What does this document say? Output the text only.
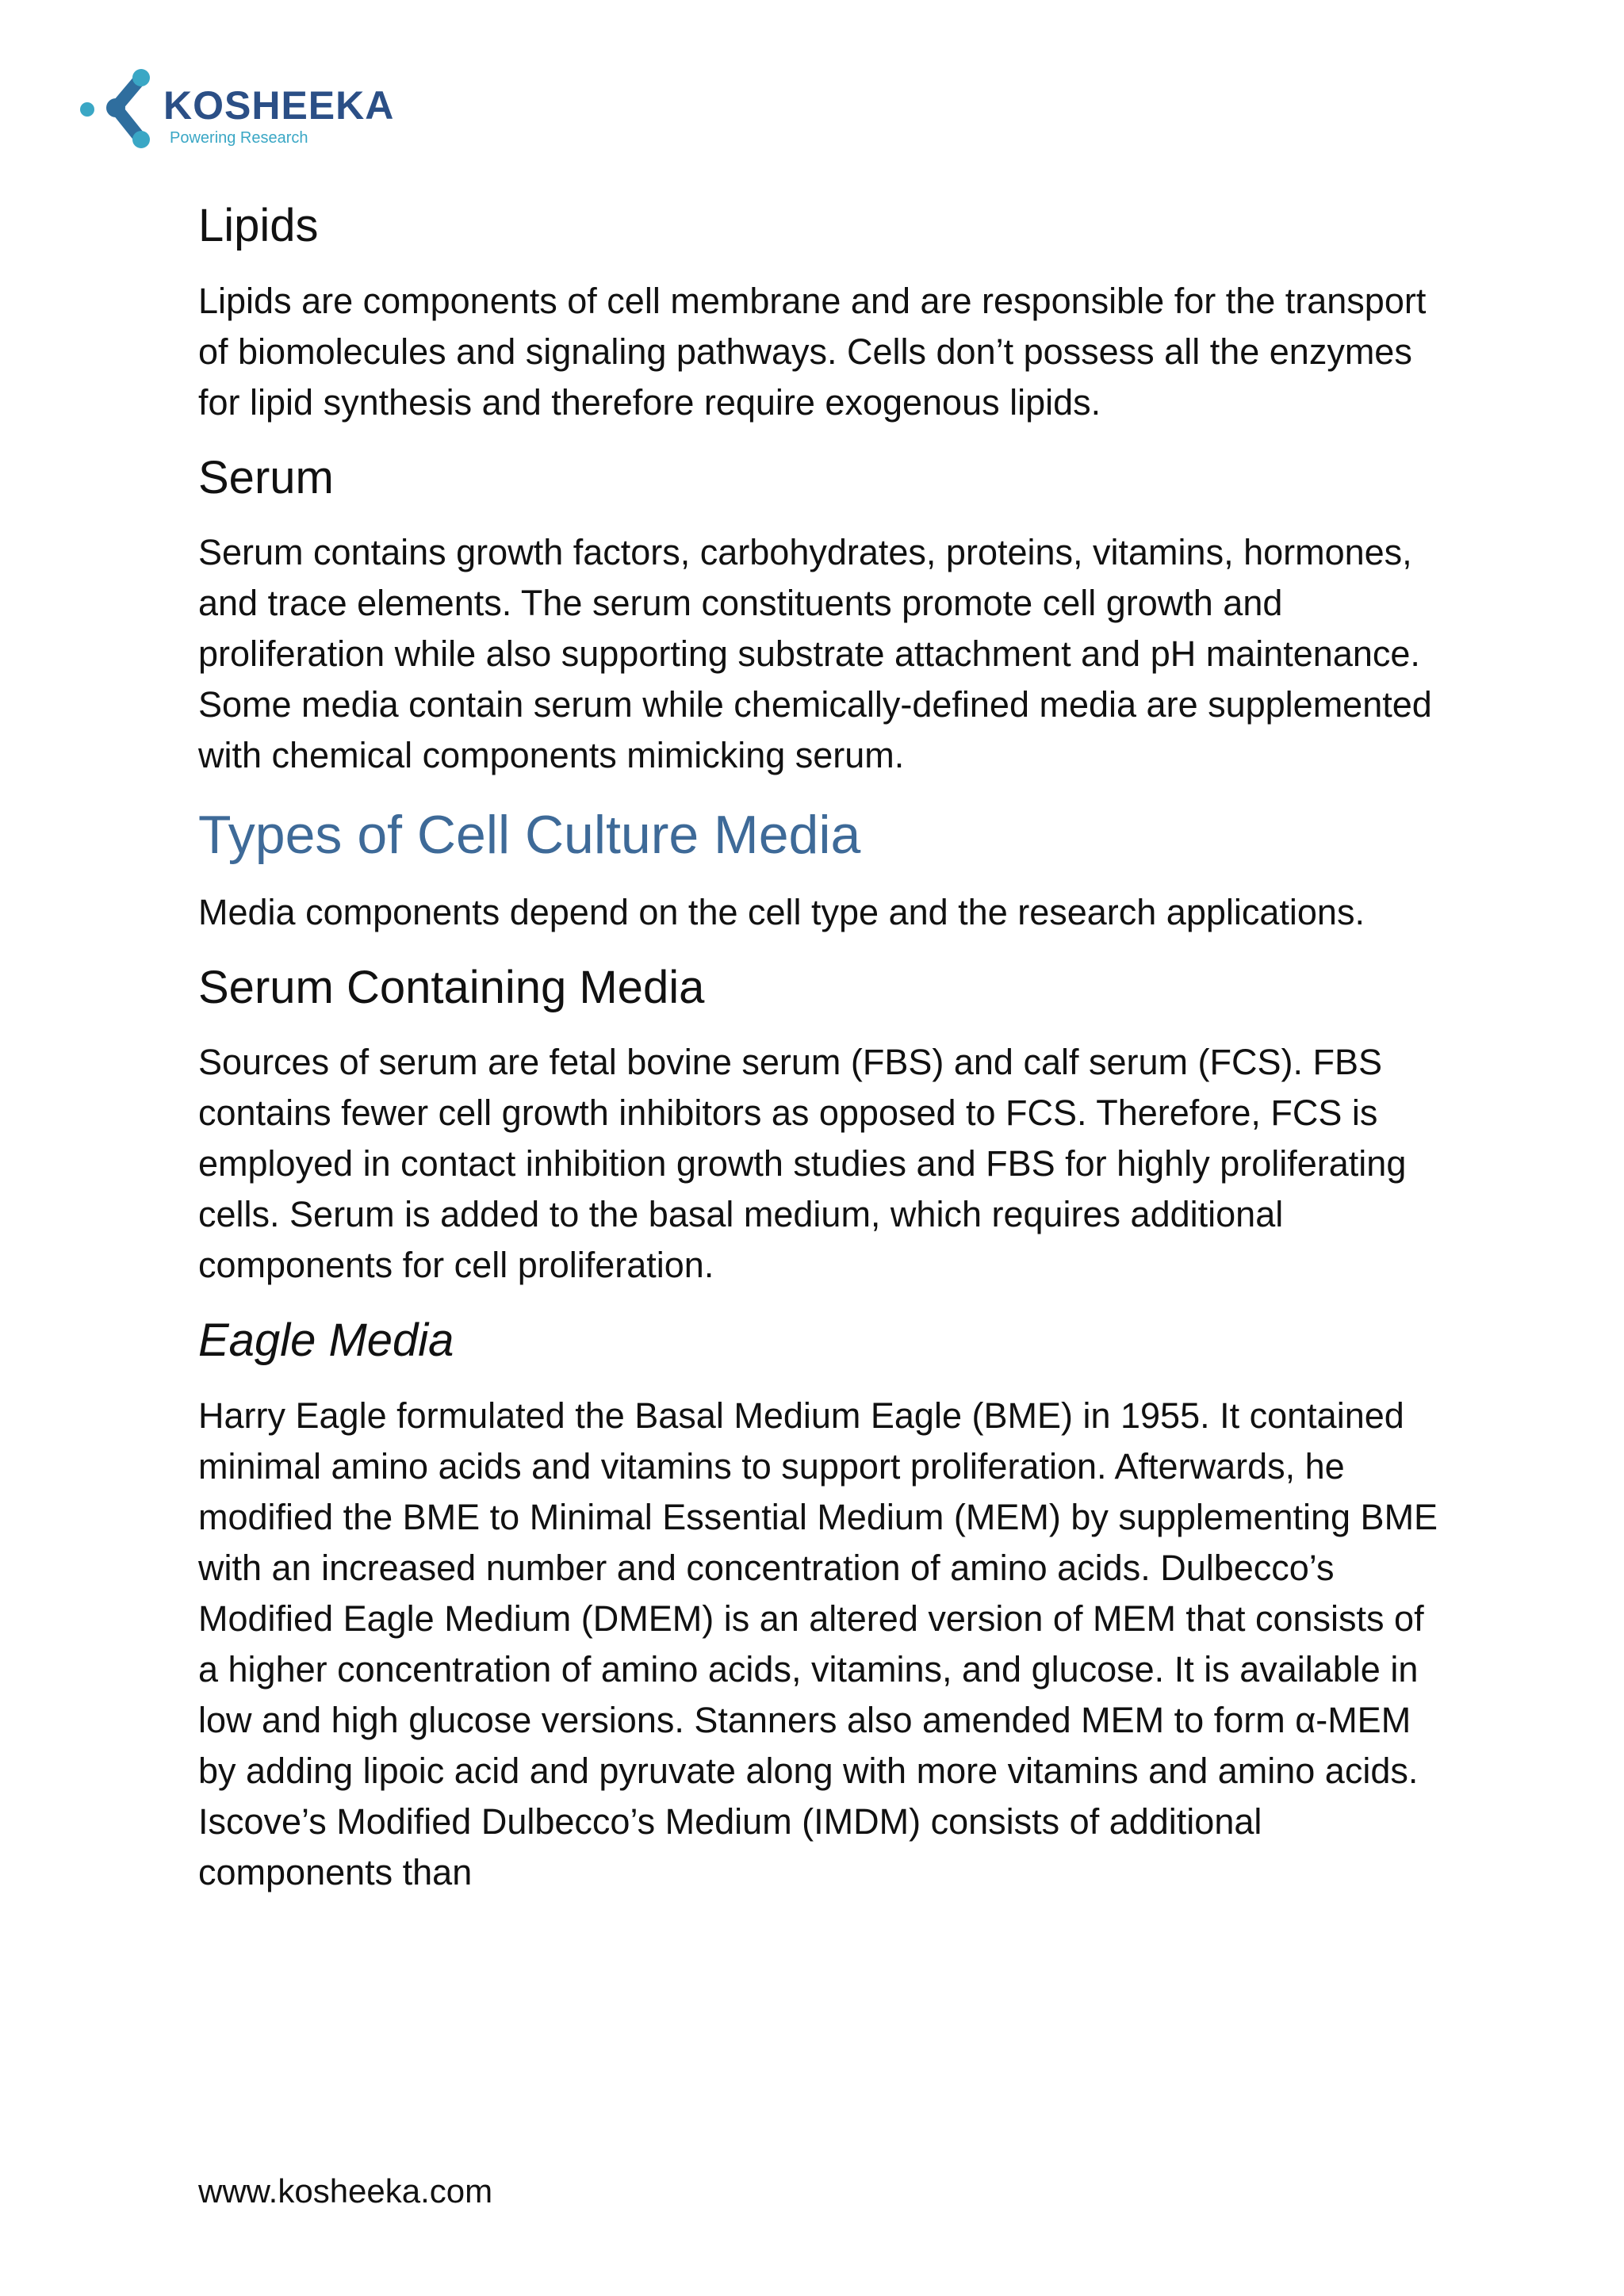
KOSHEEKA
Powering Research
Lipids

Lipids are components of cell membrane and are responsible for the transport of biomolecules and signaling pathways. Cells don’t possess all the enzymes for lipid synthesis and therefore require exogenous lipids.

Serum

Serum contains growth factors, carbohydrates, proteins, vitamins, hormones, and trace elements. The serum constituents promote cell growth and proliferation while also supporting substrate attachment and pH maintenance. Some media contain serum while chemically-defined media are supplemented with chemical components mimicking serum.

Types of Cell Culture Media

Media components depend on the cell type and the research applications.

Serum Containing Media

Sources of serum are fetal bovine serum (FBS) and calf serum (FCS). FBS contains fewer cell growth inhibitors as opposed to FCS. Therefore, FCS is employed in contact inhibition growth studies and FBS for highly proliferating cells. Serum is added to the basal medium, which requires additional components for cell proliferation.

Eagle Media

Harry Eagle formulated the Basal Medium Eagle (BME) in 1955. It contained minimal amino acids and vitamins to support proliferation. Afterwards, he modified the BME to Minimal Essential Medium (MEM) by supplementing BME with an increased number and concentration of amino acids. Dulbecco’s Modified Eagle Medium (DMEM) is an altered version of MEM that consists of a higher concentration of amino acids, vitamins, and glucose. It is available in low and high glucose versions. Stanners also amended MEM to form α-MEM by adding lipoic acid and pyruvate along with more vitamins and amino acids. Iscove’s Modified Dulbecco’s Medium (IMDM) consists of additional components than

www.kosheeka.com
